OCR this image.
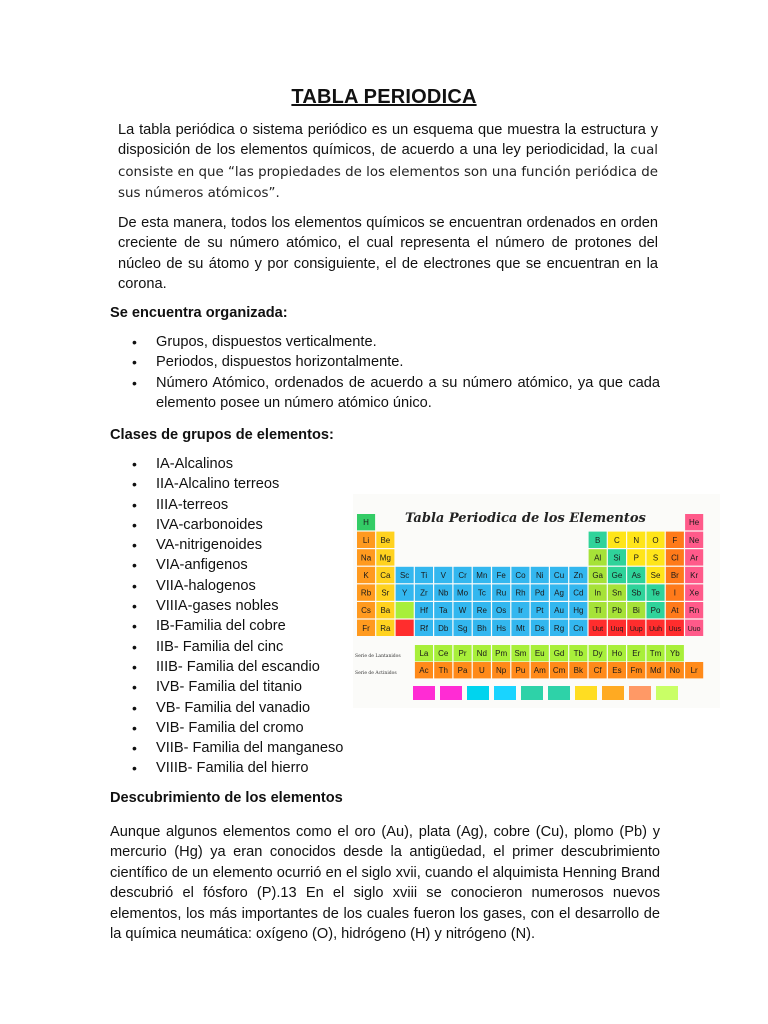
TABLA PERIODICA

La tabla periódica o sistema periódico es un esquema que muestra la estructura y disposición de los elementos químicos, de acuerdo a una ley periodicidad, la cual consiste en que “las propiedades de los elementos son una función periódica de sus números atómicos”.

De esta manera, todos los elementos químicos se encuentran ordenados en orden creciente de su número atómico, el cual representa el número de protones del núcleo de su átomo y por consiguiente, el de electrones que se encuentran en la corona.

Se encuentra organizada:
• Grupos, dispuestos verticalmente.
• Periodos, dispuestos horizontalmente.
• Número Atómico, ordenados de acuerdo a su número atómico, ya que cada elemento posee un número atómico único.
Clases de grupos de elementos:
• IA-Alcalinos
• IIA-Alcalino terreos
• IIIA-terreos
• IVA-carbonoides
• VA-nitrigenoides
• VIA-anfigenos
• VIIA-halogenos
• VIIIA-gases nobles
• IB-Familia del cobre
• IIB- Familia del cinc
• IIIB- Familia del escandio
• IVB- Familia del titanio
• VB- Familia del vanadio
• VIB- Familia del cromo
• VIIB- Familia del manganeso
• VIIIB- Familia del hierro
Tabla Periodica de los Elementos
Serie de Lantanidos
Serie de Actinidos
H	He
Li Be	B C N O F Ne
Na Mg	Al Si P S Cl Ar
K Ca Sc Ti V Cr Mn Fe Co Ni Cu Zn Ga Ge As Se Br Kr
Rb Sr Y Zr Nb Mo Tc Ru Rh Pd Ag Cd In Sn Sb Te I Xe
Cs Ba	Hf Ta W Re Os Ir Pt Au Hg Tl Pb Bi Po At Rn
Fr Ra	Rf Db Sg Bh Hs Mt Ds Rg Cn Uut Uuq Uup Uuh Uus Uuo
La Ce Pr Nd Pm Sm Eu Gd Tb Dy Ho Er Tm Yb
Ac Th Pa U Np Pu Am Cm Bk Cf Es Fm Md No Lr
Descubrimiento de los elementos
Aunque algunos elementos como el oro (Au), plata (Ag), cobre (Cu), plomo (Pb) y mercurio (Hg) ya eran conocidos desde la antigüedad, el primer descubrimiento científico de un elemento ocurrió en el siglo xvii, cuando el alquimista Henning Brand descubrió el fósforo (P).13 En el siglo xviii se conocieron numerosos nuevos elementos, los más importantes de los cuales fueron los gases, con el desarrollo de la química neumática: oxígeno (O), hidrógeno (H) y nitrógeno (N).
